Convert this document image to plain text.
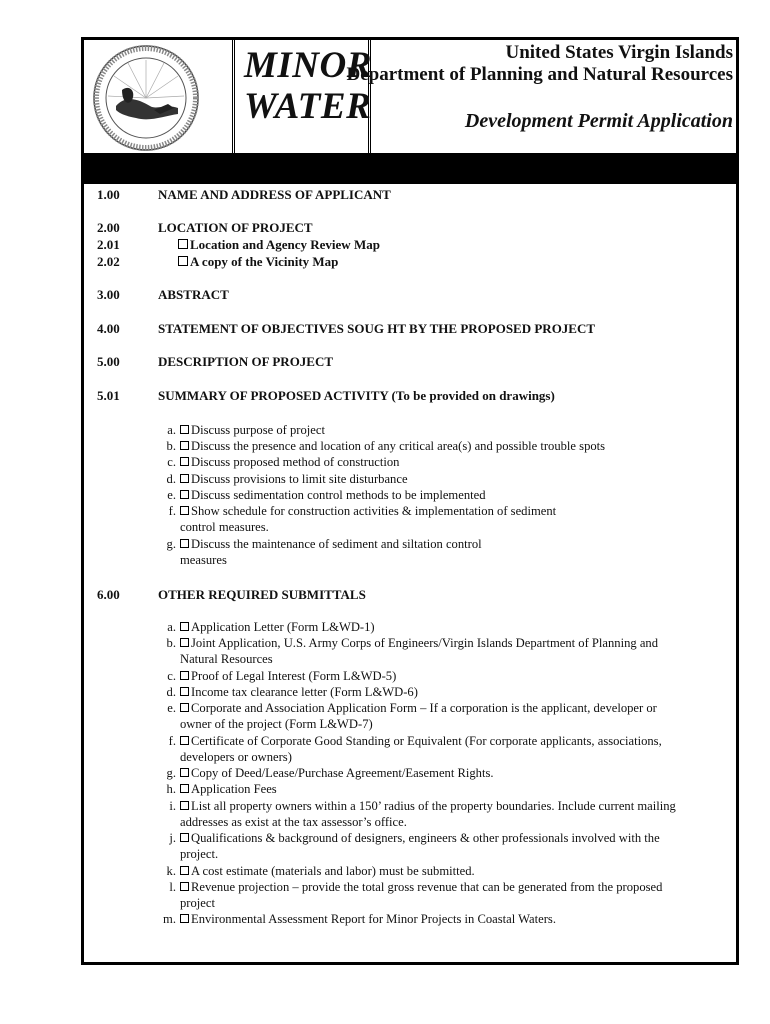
MINOR
WATER
United States Virgin Islands
Department of Planning and Natural Resources
Development Permit Application
1.00	NAME AND ADDRESS OF APPLICANT
2.00	LOCATION OF PROJECT
2.01	Location and Agency Review Map
2.02	A copy of the Vicinity Map
3.00	ABSTRACT
4.00	STATEMENT OF OBJECTIVES SOUG HT BY THE PROPOSED PROJECT
5.00	DESCRIPTION OF PROJECT
5.01	SUMMARY OF PROPOSED ACTIVITY (To be provided on drawings)
a.	Discuss purpose of project
b.	Discuss the presence and location of any critical area(s) and possible trouble spots
c.	Discuss proposed method of construction
d.	Discuss provisions to limit site disturbance
e.	Discuss sedimentation control methods to be implemented
f.	Show schedule for construction activities & implementation of sediment
control measures.
g.	Discuss the maintenance of sediment and siltation control
measures
6.00	OTHER REQUIRED SUBMITTALS
a.	Application Letter (Form L&WD-1)
b.	Joint Application, U.S. Army Corps of Engineers/Virgin Islands Department of Planning and
Natural Resources
c.	Proof of Legal Interest (Form L&WD-5)
d.	Income tax clearance letter (Form L&WD-6)
e.	Corporate and Association Application Form – If a corporation is the applicant, developer or
owner of the project (Form L&WD-7)
f.	Certificate of Corporate Good Standing or Equivalent (For corporate applicants, associations,
developers or owners)
g.	Copy of Deed/Lease/Purchase Agreement/Easement Rights.
h.	Application Fees
i.	List all property owners within a 150’ radius of the property boundaries. Include current mailing
addresses as exist at the tax assessor’s office.
j.	Qualifications & background of designers, engineers & other professionals involved with the
project.
k.	A cost estimate (materials and labor) must be submitted.
l.	Revenue projection – provide the total gross revenue that can be generated from the proposed
project
m.	Environmental Assessment Report for Minor Projects in Coastal Waters.
